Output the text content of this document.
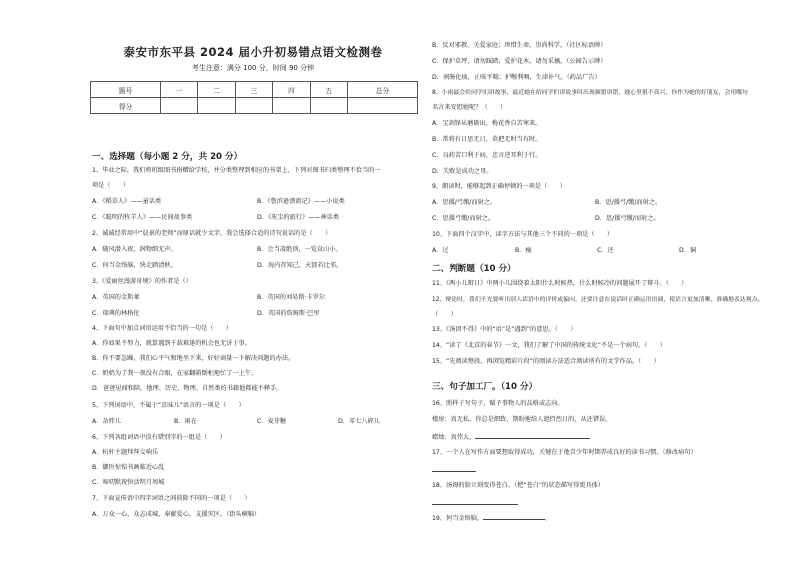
泰安市东平县 2024 届小升初易错点语文检测卷
考生注意：满分 100 分，时间 90 分钟
题号	一	二	三	四	五	总分
得分						
一、选择题（每小题 2 分，共 20 分）
1、毕业之际，我们将班级图书捐赠给学校，并分类整理到相应的书架上，下列对图书归类整理不恰当的一
项是（　　）
A．《稻草人》——童话类	B．《鲁滨逊漂流记》——小说类
C．《聪明的牧羊人》——民间故事类	D．《灰尘的旅行》——神话类
2、诚诚经常用中“晨景的老师”而原话就少文字，我会选择合适的诗句说话的是（　　）
A．随风潜入夜，润物细无声。	B．会当凌绝顶，一览众山小。
C．何当金络脑，快走踏清秋。	D．海内存知己，天涯若比邻。
3、《爱丽丝漫游奇境》的作者是（）
A．英国的金斯莱	B．英国的刘易斯·卡罗尔
C．瑞典的林格伦	D．英国的詹姆斯·巴里
4、下面句中加点词语运用不恰当的一句是（　　）
A．你如果不努力，就算遇到千载难逢的机会也无济于事。
B．你不要急躁，我们心平气和地坐下来，好好商量一下解决问题的办法。
C．奶奶为了我一夜没有合眼，在家翻箱倒柜地忙了一上午。
D．爸爸见闻和陪，地理、历史、物理、自然类的书籍他都能不释手。
5、下列词语中，不属于“京味儿”语言的一项是（　　）
A．杂拌儿	B．闲在	C．麦芽糖	D．零七八碎儿
6、下列各组词语中没有错别字的一组是（　　）
A．杭杆主题拜拜交响乐
B．御医惊惶书画临近心乱
C．啼叨默祝快活明月周城
7、下面宣传语中四字词语之间前除不同的一项是（　　）
A．万众一心，众志成城，奉献爱心，支援灾区。（街头横幅）
B．反对邪教，关爱家庭；珍惜生命，崇尚科学。（社区标语牌）
C．保护草坪，请勿踩踏；爱护花木，请勿采摘。（公园告示牌）
D．润肠化痰，止咳平喘；护喉利咽，生津补气。（药品广告）
8、小雨最会给同学们讲故事，最近她在给同学们讲故事时出现频繁讲错，她心里很不高兴，你作为她的好朋友，会用哪句
名言来安慰她呢？（　　）
A．宝剑锋从磨砺出，梅花香自苦寒来。
B．常将有日思无日，莫把无时当有时。
C．良药苦口利于病，忠言逆耳利于行。
D．失败是成功之母。
9、朗读时，能够起到正确停顿的一项是（　　）
A．思援/弓缴/而射之。	B．思/援弓/缴/而射之。
C．思援弓缴/而射之。	D．思/援弓缴/而射之。
10、下面四个汉字中，读字方法与其他三个不同的一项是（　　）
A．过	B．瘦	C．还	D．铜
二、判断题（10 分）
11、《两小儿辩日》中两小儿围绕着太阳什么时候热，什么时候冷的问题展开了辩斗。（　　）
12、辩论时，我们不光要听出别人话语中的评价或偏向，还要注意在说话时正确运用语调，使语言更加清晰、准确地表达观点。
（　　）
13、《汤因不得》中的“语”是“遇到”的意思。（　　）
14、“读了《北京的春节》一文，我们了解了中国的传统文化”不是一个病句。（　　）
15、“先阅读整段，再浏览精彩片段”的阅读方法适合阅读所有的文学作品。（　　）
三、句子加工厂。（10 分）
16、照样子写句子，赋予事物人的品格或志向。
楼房：真无私，你总是细致、期盼地给人遮挡烈日的，从还错误。
蜡烛：真伟大，
17、一个人在写作方面要想取得成功，关键在于他青少年时期养成良好的读书习惯。（修改病句）
18、汤姆的脸立刻变得苍白。（把“苍白”的状态描写得更具体）
19、何当金络脑，	。
